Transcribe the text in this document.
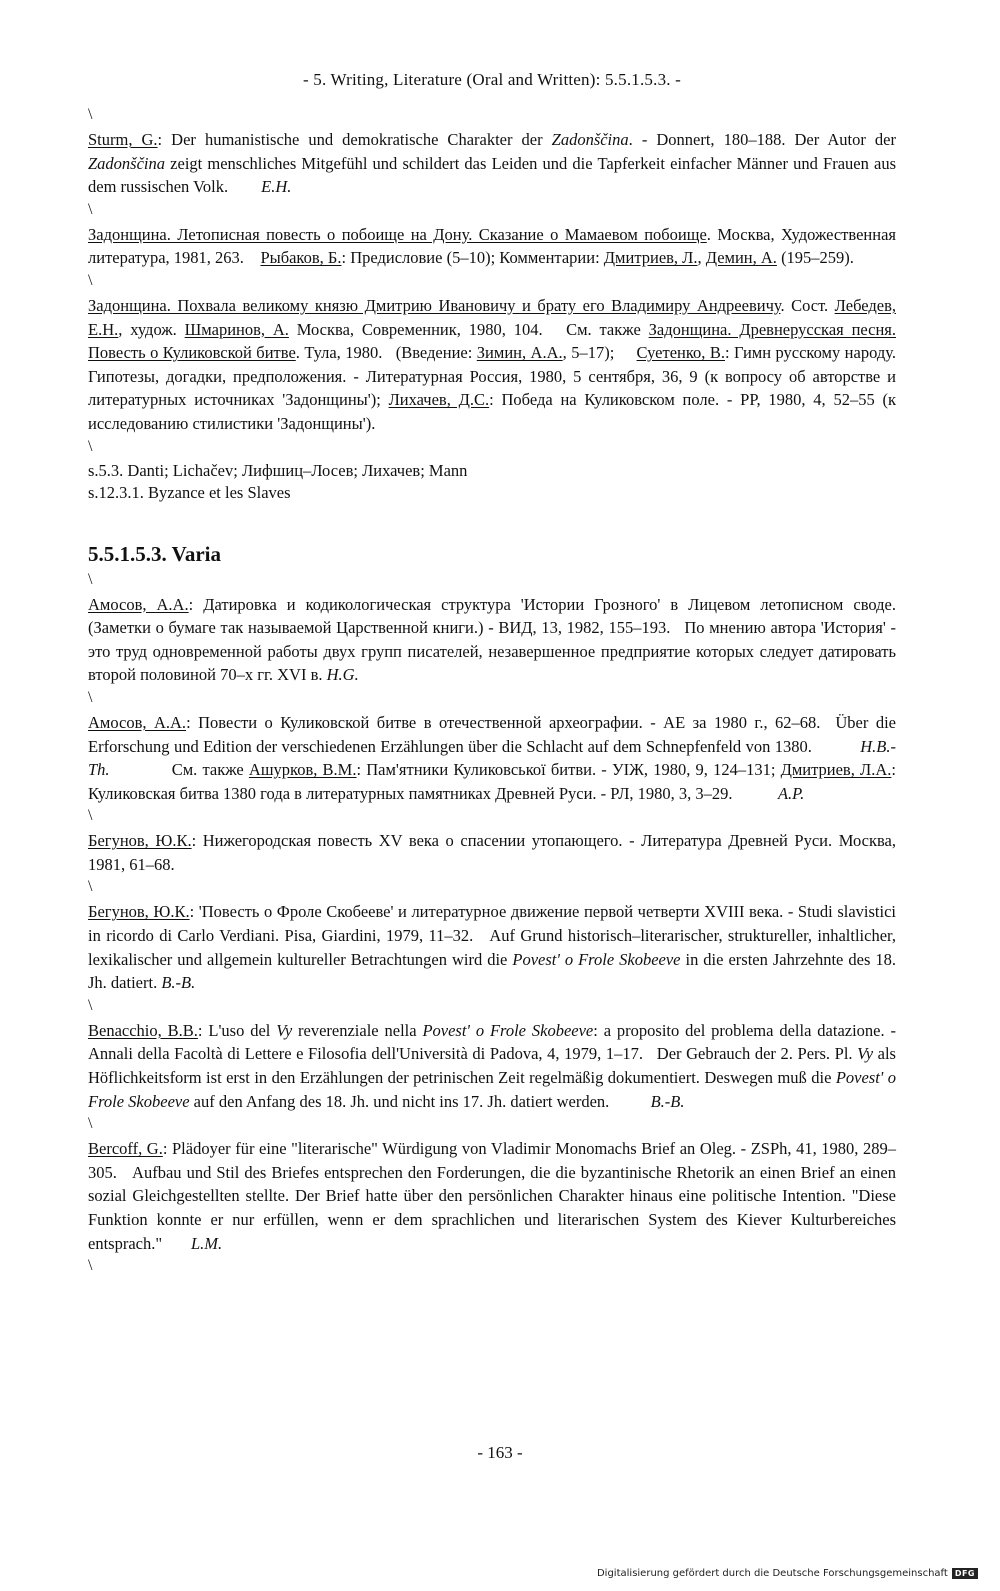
- 5. Writing, Literature (Oral and Written): 5.5.1.5.3. -
\
Sturm, G.: Der humanistische und demokratische Charakter der Zadonščina. - Donnert, 180–188. Der Autor der Zadonščina zeigt menschliches Mitgefühl und schildert das Leiden und die Tapferkeit einfacher Männer und Frauen aus dem russischen Volk.        E.H.
\
Задонщина. Летописная повесть о побоище на Дону. Сказание о Мамаевом побоище. Москва, Художественная литература, 1981, 263.    Рыбаков, Б.: Предисловие (5–10); Комментарии: Дмитриев, Л., Демин, А. (195–259).
\
Задонщина. Похвала великому князю Дмитрию Ивановичу и брату его Владимиру Андреевичу. Сост. Лебедев, Е.Н., худож. Шмаринов, А. Москва, Современник, 1980, 104.   См. также Задонщина. Древнерусская песня. Повесть о Куликовской битве. Тула, 1980.   (Введение: Зимин, А.А., 5–17);     Суетенко, В.: Гимн русскому народу. Гипотезы, догадки, предположения. - Литературная Россия, 1980, 5 сентября, 36, 9 (к вопросу об авторстве и литературных источниках 'Задонщины'); Лихачев, Д.С.: Победа на Куликовском поле. - РР, 1980, 4, 52–55 (к исследованию стилистики 'Задонщины').
\
s.5.3. Danti; Lichačev; Лифшиц–Лосев; Лихачев; Mann
s.12.3.1. Byzance et les Slaves
5.5.1.5.3. Varia
\
Амосов, А.А.: Датировка и кодикологическая структура 'Истории Грозного' в Лицевом летописном своде. (Заметки о бумаге так называемой Царственной книги.) - ВИД, 13, 1982, 155–193.   По мнению автора 'История' - это труд одновременной работы двух групп писателей, незавершенное предприятие которых следует датировать второй половиной 70–х гг. XVI в. H.G.
\
Амосов, А.А.: Повести о Куликовской битве в отечественной археографии. - АЕ за 1980 г., 62–68.  Über die Erforschung und Edition der verschiedenen Erzählungen über die Schlacht auf dem Schnepfenfeld von 1380.           H.B.-Th.            См. также Ашурков, В.М.: Пам'ятники Куликовської битви. - УІЖ, 1980, 9, 124–131; Дмитриев, Л.А.: Куликовская битва 1380 года в литературных памятниках Древней Руси. - РЛ, 1980, 3, 3–29.           A.P.
\
Бегунов, Ю.К.: Нижегородская повесть XV века о спасении утопающего. - Литература Древней Руси. Москва, 1981, 61–68.
\
Бегунов, Ю.К.: 'Повесть о Фроле Скобееве' и литературное движение первой четверти XVIII века. - Studi slavistici in ricordo di Carlo Verdiani. Pisa, Giardini, 1979, 11–32.   Auf Grund historisch–literarischer, struktureller, inhaltlicher, lexikalischer und allgemein kultureller Betrachtungen wird die Povest' o Frole Skobeeve in die ersten Jahrzehnte des 18. Jh. datiert. B.-B.
\
Benacchio, B.B.: L'uso del Vy reverenziale nella Povest' o Frole Skobeeve: a proposito del problema della datazione. - Annali della Facoltà di Lettere e Filosofia dell'Università di Padova, 4, 1979, 1–17.   Der Gebrauch der 2. Pers. Pl. Vy als Höflichkeitsform ist erst in den Erzählungen der petrinischen Zeit regelmäßig dokumentiert. Deswegen muß die Povest' o Frole Skobeeve auf den Anfang des 18. Jh. und nicht ins 17. Jh. datiert werden.          B.-B.
\
Bercoff, G.: Plädoyer für eine "literarische" Würdigung von Vladimir Monomachs Brief an Oleg. - ZSPh, 41, 1980, 289–305.   Aufbau und Stil des Briefes entsprechen den Forderungen, die die byzantinische Rhetorik an einen Brief an einen sozial Gleichgestellten stellte. Der Brief hatte über den persönlichen Charakter hinaus eine politische Intention. "Diese Funktion konnte er nur erfüllen, wenn er dem sprachlichen und literarischen System des Kiever Kulturbereiches entsprach."       L.M.
\
- 163 -
Digitalisierung gefördert durch die Deutsche Forschungsgemeinschaft DFG
